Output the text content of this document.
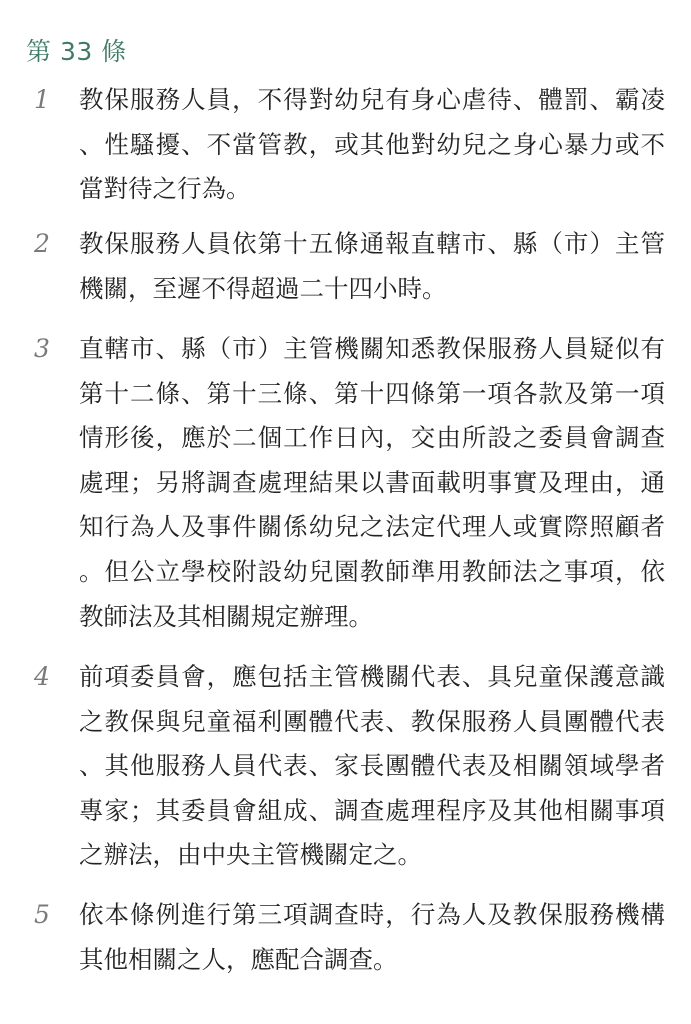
第 33 條
1	教保服務人員，不得對幼兒有身心虐待、體罰、霸凌、性騷擾、不當管教，或其他對幼兒之身心暴力或不當對待之行為。
2	教保服務人員依第十五條通報直轄市、縣（市）主管機關，至遲不得超過二十四小時。
3	直轄市、縣（市）主管機關知悉教保服務人員疑似有第十二條、第十三條、第十四條第一項各款及第一項情形後，應於二個工作日內，交由所設之委員會調查處理；另將調查處理結果以書面載明事實及理由，通知行為人及事件關係幼兒之法定代理人或實際照顧者。但公立學校附設幼兒園教師準用教師法之事項，依教師法及其相關規定辦理。
4	前項委員會，應包括主管機關代表、具兒童保護意識之教保與兒童福利團體代表、教保服務人員團體代表、其他服務人員代表、家長團體代表及相關領域學者專家；其委員會組成、調查處理程序及其他相關事項之辦法，由中央主管機關定之。
5	依本條例進行第三項調查時，行為人及教保服務機構其他相關之人，應配合調查。
